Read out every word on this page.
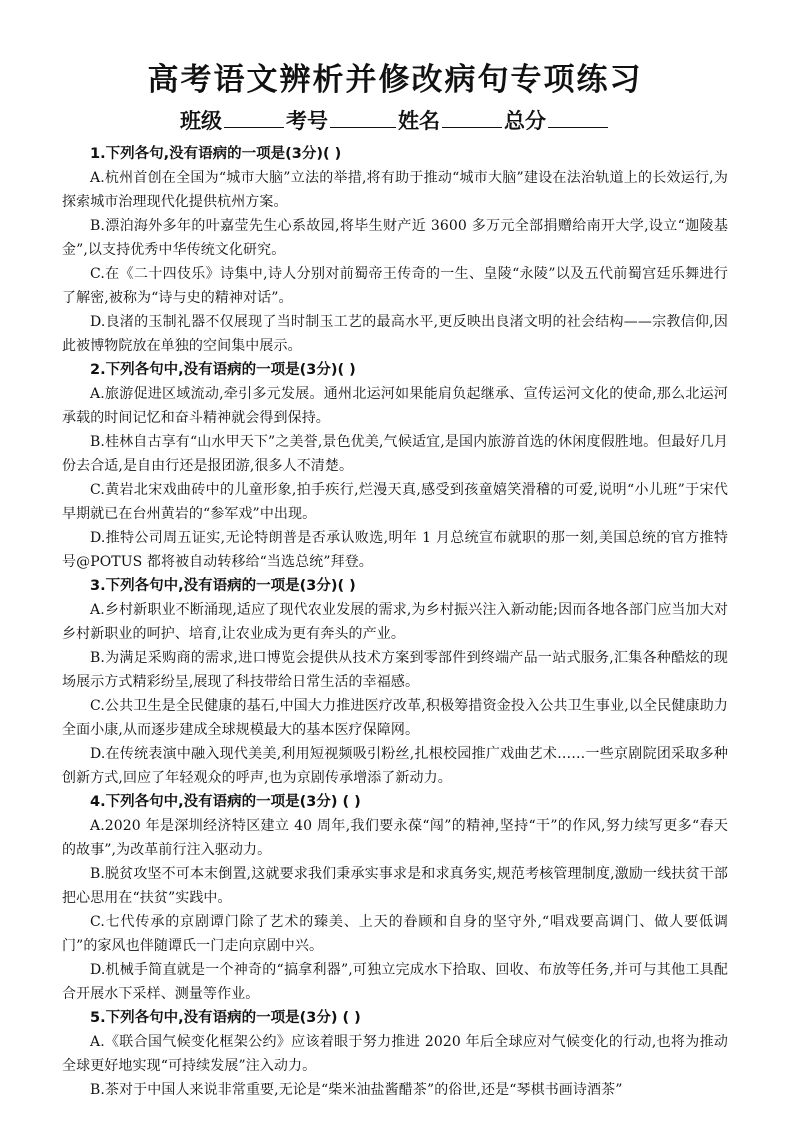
高考语文辨析并修改病句专项练习
班级	考号	姓名	总分
1.下列各句,没有语病的一项是(3分)( )
A.杭州首创在全国为“城市大脑”立法的举措,将有助于推动“城市大脑”建设在法治轨道上的长效运行,为探索城市治理现代化提供杭州方案。
B.漂泊海外多年的叶嘉莹先生心系故园,将毕生财产近 3600 多万元全部捐赠给南开大学,设立“迦陵基金”,以支持优秀中华传统文化研究。
C.在《二十四伎乐》诗集中,诗人分别对前蜀帝王传奇的一生、皇陵“永陵”以及五代前蜀宫廷乐舞进行了解密,被称为“诗与史的精神对话”。
D.良渚的玉制礼器不仅展现了当时制玉工艺的最高水平,更反映出良渚文明的社会结构——宗教信仰,因此被博物院放在单独的空间集中展示。
2.下列各句中,没有语病的一项是(3分)( )
A.旅游促进区域流动,牵引多元发展。通州北运河如果能肩负起继承、宣传运河文化的使命,那么北运河承载的时间记忆和奋斗精神就会得到保持。
B.桂林自古享有“山水甲天下”之美誉,景色优美,气候适宜,是国内旅游首选的休闲度假胜地。但最好几月份去合适,是自由行还是报团游,很多人不清楚。
C.黄岩北宋戏曲砖中的儿童形象,拍手疾行,烂漫天真,感受到孩童嬉笑滑稽的可爱,说明“小儿班”于宋代早期就已在台州黄岩的“参军戏”中出现。
D.推特公司周五证实,无论特朗普是否承认败选,明年 1 月总统宣布就职的那一刻,美国总统的官方推特号@POTUS 都将被自动转移给“当选总统”拜登。
3.下列各句中,没有语病的一项是(3分)( )
A.乡村新职业不断涌现,适应了现代农业发展的需求,为乡村振兴注入新动能;因而各地各部门应当加大对乡村新职业的呵护、培育,让农业成为更有奔头的产业。
B.为满足采购商的需求,进口博览会提供从技术方案到零部件到终端产品一站式服务,汇集各种酷炫的现场展示方式精彩纷呈,展现了科技带给日常生活的幸福感。
C.公共卫生是全民健康的基石,中国大力推进医疗改革,积极筹措资金投入公共卫生事业,以全民健康助力全面小康,从而逐步建成全球规模最大的基本医疗保障网。
D.在传统表演中融入现代美美,利用短视频吸引粉丝,扎根校园推广戏曲艺术……一些京剧院团采取多种创新方式,回应了年轻观众的呼声,也为京剧传承增添了新动力。
4.下列各句中,没有语病的一项是(3分) ( )
A.2020 年是深圳经济特区建立 40 周年,我们要永葆“闯”的精神,坚持“干”的作风,努力续写更多“春天的故事”,为改革前行注入驱动力。
B.脱贫攻坚不可本末倒置,这就要求我们秉承实事求是和求真务实,规范考核管理制度,激励一线扶贫干部把心思用在“扶贫”实践中。
C.七代传承的京剧谭门除了艺术的臻美、上天的眷顾和自身的坚守外,“唱戏要高调门、做人要低调门”的家风也伴随谭氏一门走向京剧中兴。
D.机械手简直就是一个神奇的“搞拿利器”,可独立完成水下拾取、回收、布放等任务,并可与其他工具配合开展水下采样、测量等作业。
5.下列各句中,没有语病的一项是(3分) ( )
A.《联合国气候变化框架公约》应该着眼于努力推进 2020 年后全球应对气候变化的行动,也将为推动全球更好地实现“可持续发展”注入动力。
B.茶对于中国人来说非常重要,无论是“柴米油盐酱醋茶”的俗世,还是“琴棋书画诗酒茶”
